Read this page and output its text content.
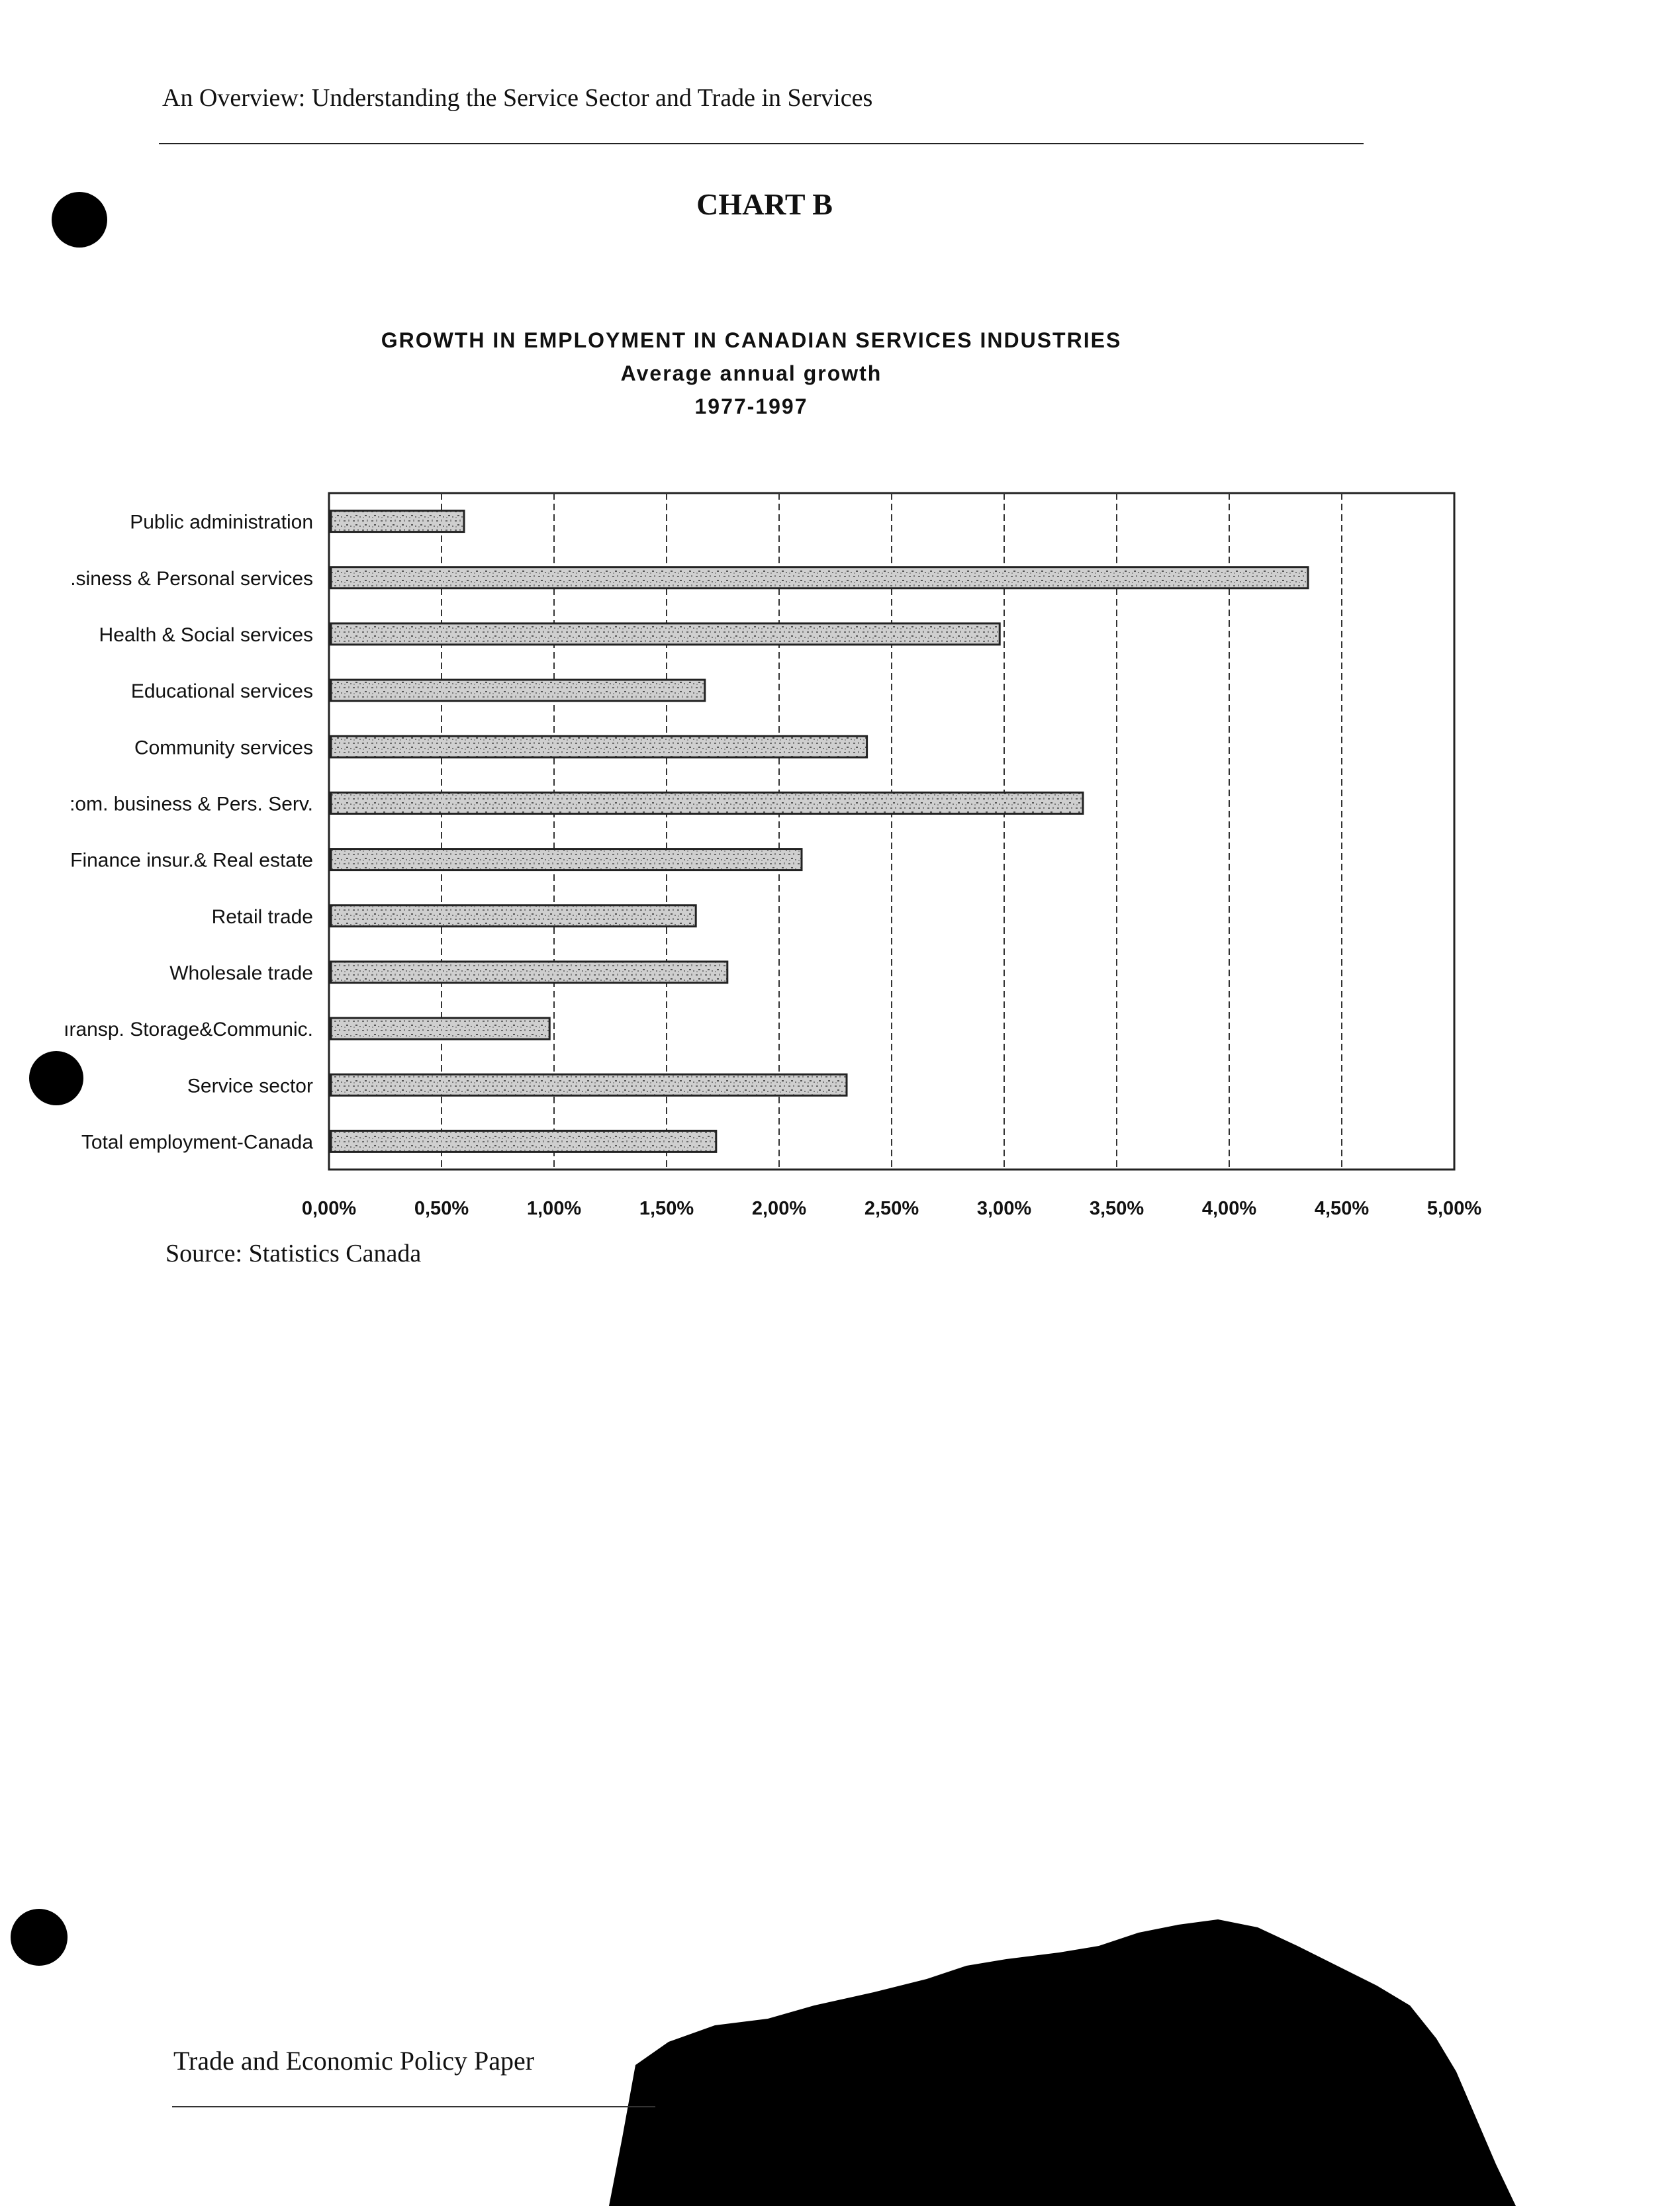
An Overview: Understanding the Service Sector and Trade in Services
CHART B
GROWTH IN EMPLOYMENT IN CANADIAN SERVICES INDUSTRIES
Average annual growth
1977-1997
Public administration
.siness & Personal services
Health & Social services
Educational services
Community services
:om. business & Pers. Serv.
Finance insur.& Real estate
Retail trade
Wholesale trade
ıransp. Storage&Communic.
Service sector
Total employment-Canada
0,00%	0,50%	1,00%	1,50%	2,00%	2,50%	3,00%	3,50%	4,00%	4,50%	5,00%
Source: Statistics Canada
Trade and Economic Policy Paper
